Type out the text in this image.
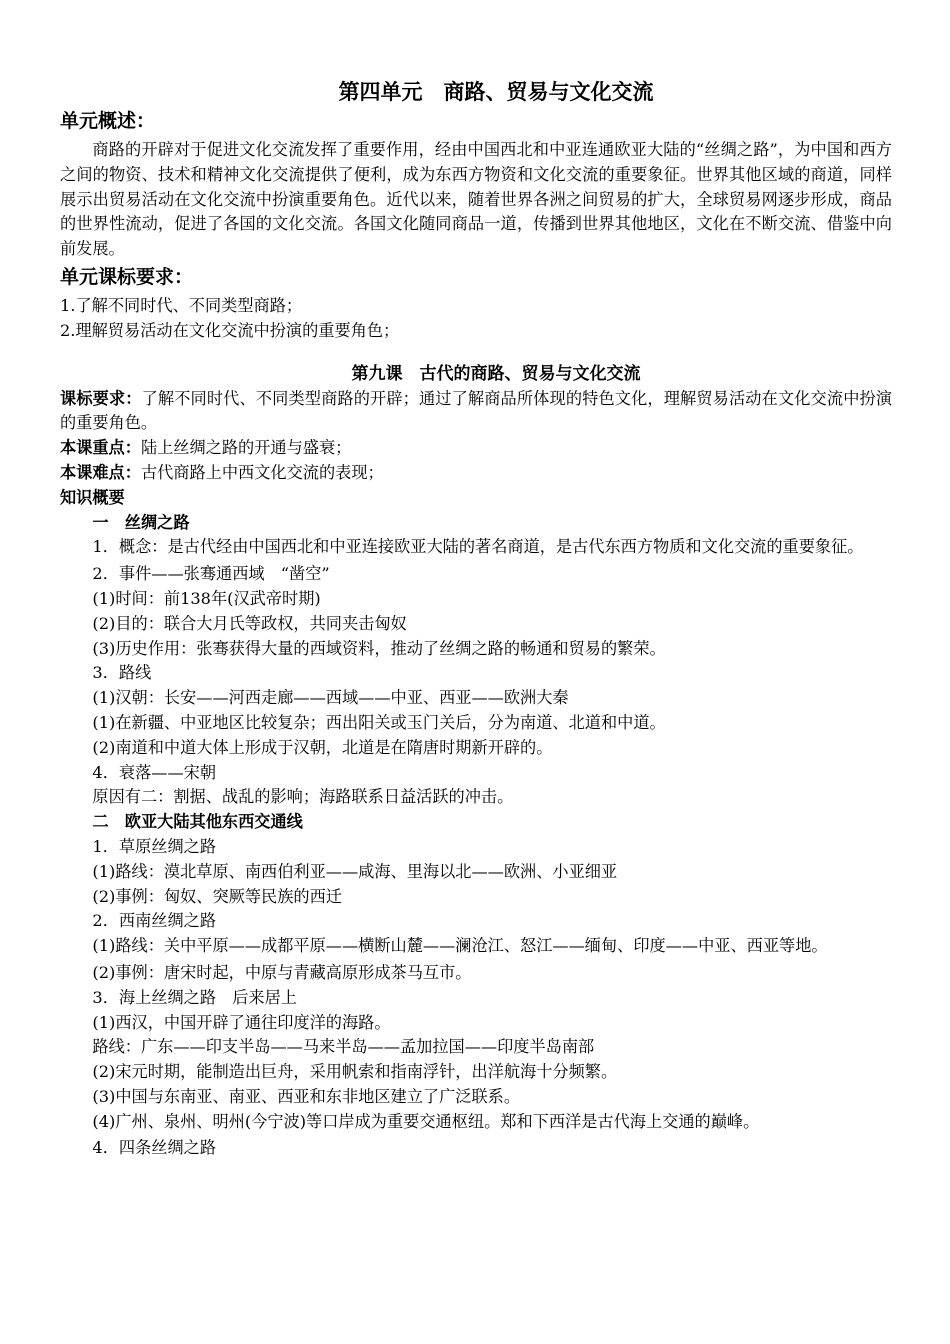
第四单元　商路、贸易与文化交流
单元概述：

商路的开辟对于促进文化交流发挥了重要作用，经由中国西北和中亚连通欧亚大陆的“丝绸之路”，为中国和西方之间的物资、技术和精神文化交流提供了便利，成为东西方物资和文化交流的重要象征。世界其他区域的商道，同样展示出贸易活动在文化交流中扮演重要角色。近代以来，随着世界各洲之间贸易的扩大，全球贸易网逐步形成，商品的世界性流动，促进了各国的文化交流。各国文化随同商品一道，传播到世界其他地区，文化在不断交流、借鉴中向前发展。

单元课标要求：

1.了解不同时代、不同类型商路；

2.理解贸易活动在文化交流中扮演的重要角色；

第九课　古代的商路、贸易与文化交流

课标要求：了解不同时代、不同类型商路的开辟；通过了解商品所体现的特色文化，理解贸易活动在文化交流中扮演的重要角色。

本课重点：陆上丝绸之路的开通与盛衰；

本课难点：古代商路上中西文化交流的表现；

知识概要

一　丝绸之路

1．概念：是古代经由中国西北和中亚连接欧亚大陆的著名商道，是古代东西方物质和文化交流的重要象征。

2．事件——张骞通西域　“凿空”

(1)时间：前138年(汉武帝时期)

(2)目的：联合大月氏等政权，共同夹击匈奴

(3)历史作用：张骞获得大量的西域资料，推动了丝绸之路的畅通和贸易的繁荣。

3．路线

(1)汉朝：长安——河西走廊——西域——中亚、西亚——欧洲大秦

(1)在新疆、中亚地区比较复杂；西出阳关或玉门关后，分为南道、北道和中道。

(2)南道和中道大体上形成于汉朝，北道是在隋唐时期新开辟的。

4．衰落——宋朝

原因有二：割据、战乱的影响；海路联系日益活跃的冲击。

二　欧亚大陆其他东西交通线

1．草原丝绸之路

(1)路线：漠北草原、南西伯利亚——咸海、里海以北——欧洲、小亚细亚

(2)事例：匈奴、突厥等民族的西迁

2．西南丝绸之路

(1)路线：关中平原——成都平原——横断山麓——澜沧江、怒江——缅甸、印度——中亚、西亚等地。

(2)事例：唐宋时起，中原与青藏高原形成茶马互市。

3．海上丝绸之路　后来居上

(1)西汉，中国开辟了通往印度洋的海路。

路线：广东——印支半岛——马来半岛——孟加拉国——印度半岛南部

(2)宋元时期，能制造出巨舟，采用帆索和指南浮针，出洋航海十分频繁。

(3)中国与东南亚、南亚、西亚和东非地区建立了广泛联系。

(4)广州、泉州、明州(今宁波)等口岸成为重要交通枢纽。郑和下西洋是古代海上交通的巅峰。

4．四条丝绸之路
